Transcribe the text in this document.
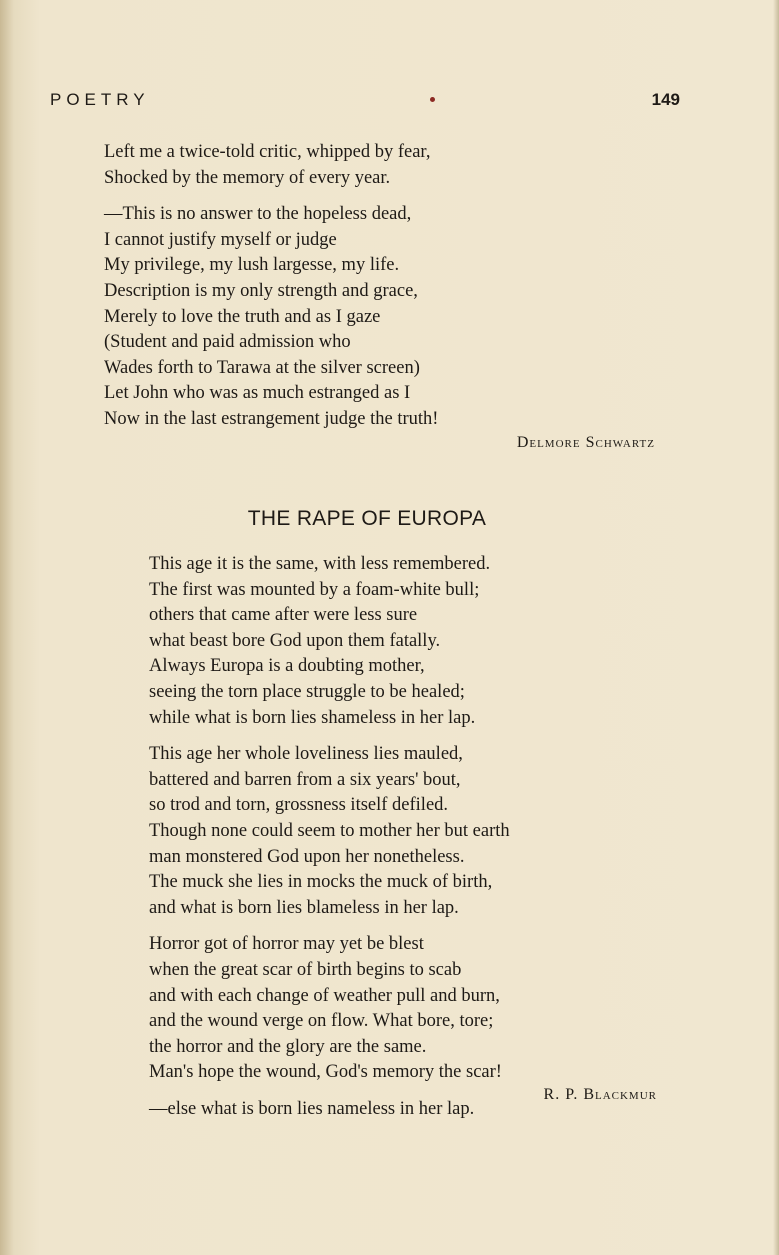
POETRY	149
Left me a twice-told critic, whipped by fear,
Shocked by the memory of every year.
—This is no answer to the hopeless dead,
I cannot justify myself or judge
My privilege, my lush largesse, my life.
Description is my only strength and grace,
Merely to love the truth and as I gaze
(Student and paid admission who
Wades forth to Tarawa at the silver screen)
Let John who was as much estranged as I
Now in the last estrangement judge the truth!
Delmore Schwartz
THE RAPE OF EUROPA
This age it is the same, with less remembered.
The first was mounted by a foam-white bull;
others that came after were less sure
what beast bore God upon them fatally.
Always Europa is a doubting mother,
seeing the torn place struggle to be healed;
while what is born lies shameless in her lap.
This age her whole loveliness lies mauled,
battered and barren from a six years' bout,
so trod and torn, grossness itself defiled.
Though none could seem to mother her but earth
man monstered God upon her nonetheless.
The muck she lies in mocks the muck of birth,
and what is born lies blameless in her lap.
Horror got of horror may yet be blest
when the great scar of birth begins to scab
and with each change of weather pull and burn,
and the wound verge on flow. What bore, tore;
the horror and the glory are the same.
Man's hope the wound, God's memory the scar!
—else what is born lies nameless in her lap.
R. P. Blackmur
